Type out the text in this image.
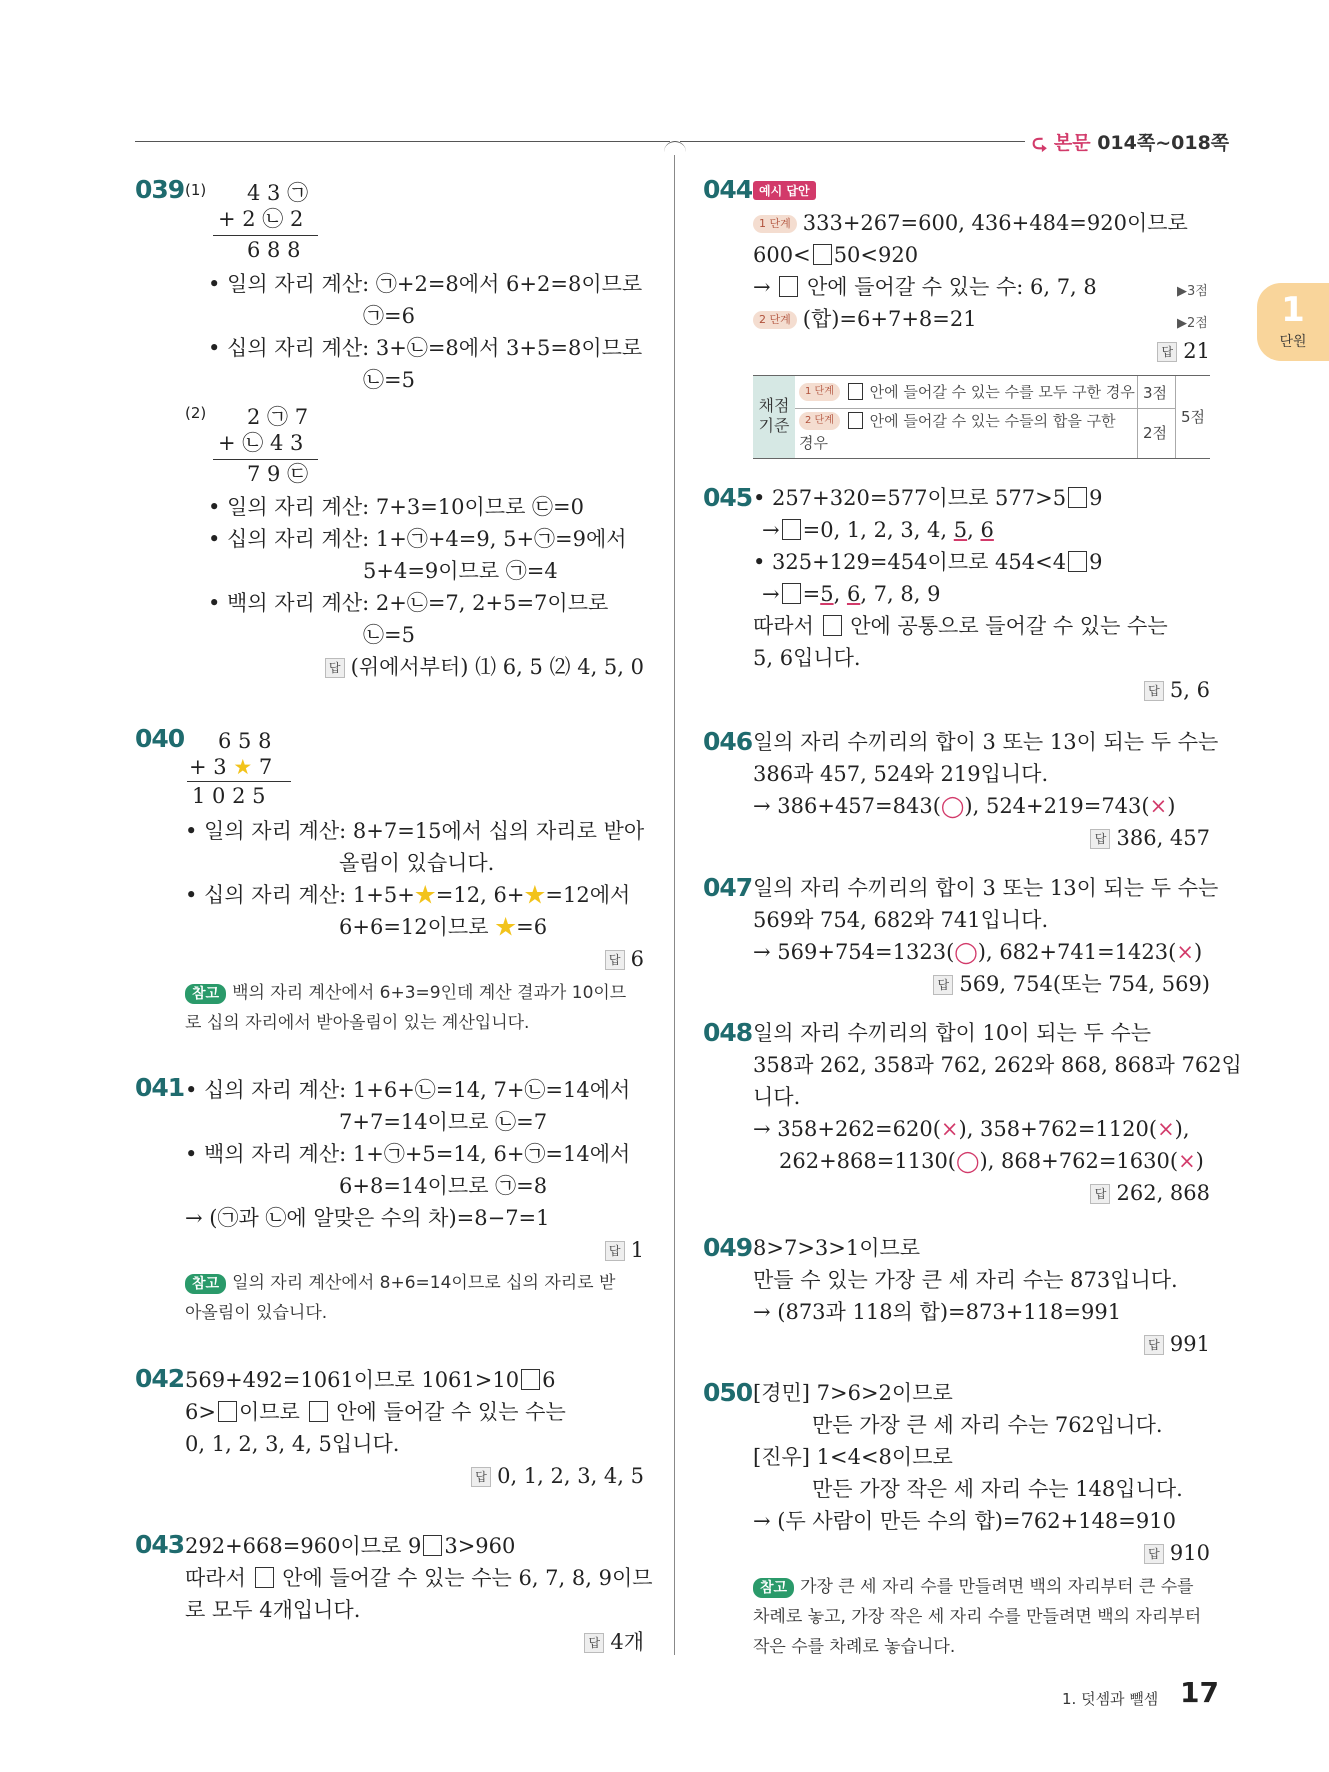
⮎ 본문 014쪽~018쪽
1
단원
039 (1) 4 3 ㉠
+ 2 ㉡ 2
6 8 8
• 일의 자리 계산: ㉠+2=8에서 6+2=8이므로
㉠=6
• 십의 자리 계산: 3+㉡=8에서 3+5=8이므로
㉡=5
(2) 2 ㉠ 7
+ ㉡ 4 3
7 9 ㉢
• 일의 자리 계산: 7+3=10이므로 ㉢=0
• 십의 자리 계산: 1+㉠+4=9, 5+㉠=9에서
5+4=9이므로 ㉠=4
• 백의 자리 계산: 2+㉡=7, 2+5=7이므로
㉡=5
답 (위에서부터) ⑴ 6, 5 ⑵ 4, 5, 0
040 6 5 8
+ 3 ★ 7
1 0 2 5
• 일의 자리 계산: 8+7=15에서 십의 자리로 받아
올림이 있습니다.
• 십의 자리 계산: 1+5+★=12, 6+★=12에서
6+6=12이므로 ★=6
답 6
참고 백의 자리 계산에서 6+3=9인데 계산 결과가 10이므
로 십의 자리에서 받아올림이 있는 계산입니다.
041 • 십의 자리 계산: 1+6+㉡=14, 7+㉡=14에서
7+7=14이므로 ㉡=7
• 백의 자리 계산: 1+㉠+5=14, 6+㉠=14에서
6+8=14이므로 ㉠=8
→ (㉠과 ㉡에 알맞은 수의 차)=8−7=1
답 1
참고 일의 자리 계산에서 8+6=14이므로 십의 자리로 받
아올림이 있습니다.
042 569+492=1061이므로 1061>10 6
6> 이므로  안에 들어갈 수 있는 수는
0, 1, 2, 3, 4, 5입니다.
답 0, 1, 2, 3, 4, 5
043 292+668=960이므로 9 3>960
따라서  안에 들어갈 수 있는 수는 6, 7, 8, 9이므
로 모두 4개입니다.
답 4개
044 예시 답안
1 단계 333+267=600, 436+484=920이므로
600< 50<920
→  안에 들어갈 수 있는 수: 6, 7, 8	▶3점
2 단계 (합)=6+7+8=21	▶2점
답 21
채점 기준
1 단계 안에 들어갈 수 있는 수를 모두 구한 경우
2 단계 안에 들어갈 수 있는 수들의 합을 구한
경우
3점
2점
5점
045 • 257+320=577이므로 577>5 9
→ =0, 1, 2, 3, 4, 5, 6
• 325+129=454이므로 454<4 9
→ =5, 6, 7, 8, 9
따라서  안에 공통으로 들어갈 수 있는 수는
5, 6입니다.
답 5, 6
046 일의 자리 수끼리의 합이 3 또는 13이 되는 두 수는
386과 457, 524와 219입니다.
→ 386+457=843(◯), 524+219=743(×)
답 386, 457
047 일의 자리 수끼리의 합이 3 또는 13이 되는 두 수는
569와 754, 682와 741입니다.
→ 569+754=1323(◯), 682+741=1423(×)
답 569, 754(또는 754, 569)
048 일의 자리 수끼리의 합이 10이 되는 두 수는
358과 262, 358과 762, 262와 868, 868과 762입
니다.
→ 358+262=620(×), 358+762=1120(×),
262+868=1130(◯), 868+762=1630(×)
답 262, 868
049 8>7>3>1이므로
만들 수 있는 가장 큰 세 자리 수는 873입니다.
→ (873과 118의 합)=873+118=991
답 991
050 [경민] 7>6>2이므로
만든 가장 큰 세 자리 수는 762입니다.
[진우] 1<4<8이므로
만든 가장 작은 세 자리 수는 148입니다.
→ (두 사람이 만든 수의 합)=762+148=910
답 910
참고 가장 큰 세 자리 수를 만들려면 백의 자리부터 큰 수를
차례로 놓고, 가장 작은 세 자리 수를 만들려면 백의 자리부터
작은 수를 차례로 놓습니다.
1. 덧셈과 뺄셈 17
